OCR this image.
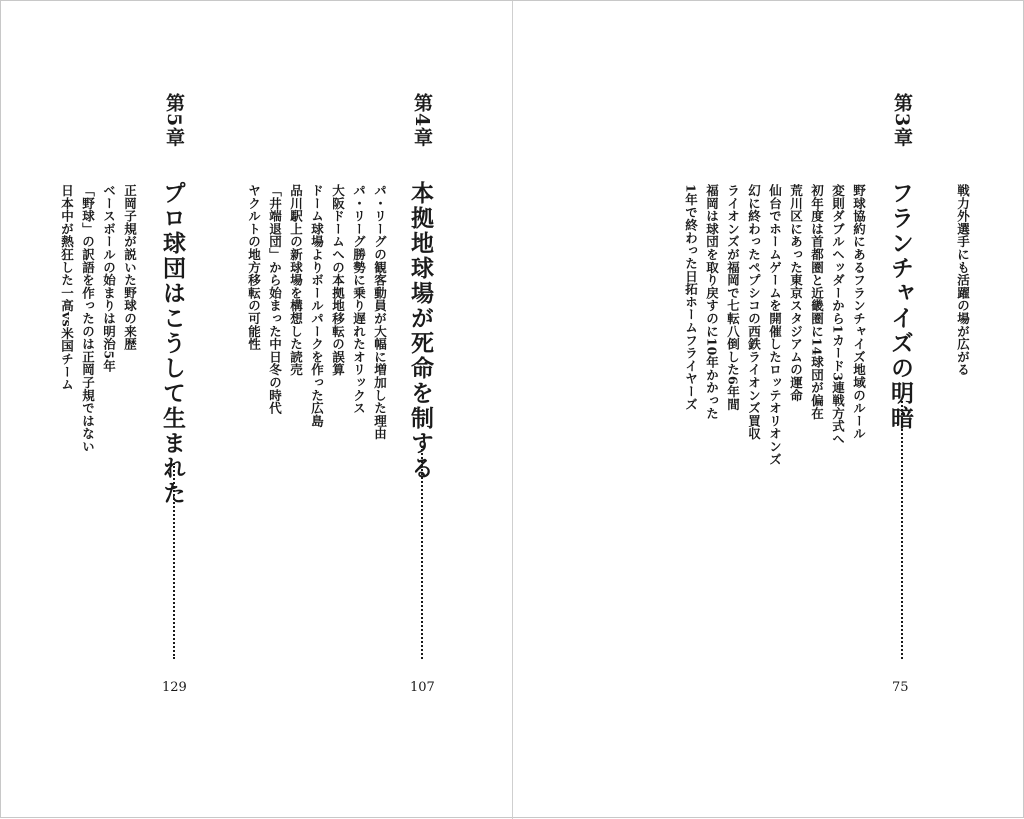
第5章
プロ球団はこうして生まれた
129
正岡子規が説いた野球の来歴
ベースボールの始まりは明治5年
「野球」の訳語を作ったのは正岡子規ではない
日本中が熱狂した一高vs米国チーム
第4章
本拠地球場が死命を制する
107
パ・リーグの観客動員が大幅に増加した理由
パ・リーグ勝勢に乗り遅れたオリックス
大阪ドームへの本拠地移転の誤算
ドーム球場よりボールパークを作った広島
品川駅上の新球場を構想した読売
「井端退団」から始まった中日冬の時代
ヤクルトの地方移転の可能性	戦力外選手にも活躍の場が広がる
第3章
フランチャイズの明暗
75
野球協約にあるフランチャイズ地域のルール
変則ダブルヘッダーから1カード3連戦方式へ
初年度は首都圏と近畿圏に14球団が偏在
荒川区にあった東京スタジアムの運命
仙台でホームゲームを開催したロッテオリオンズ
幻に終わったペプシコの西鉄ライオンズ買収
ライオンズが福岡で七転八倒した6年間
福岡は球団を取り戻すのに10年かかった
1年で終わった日拓ホームフライヤーズ
